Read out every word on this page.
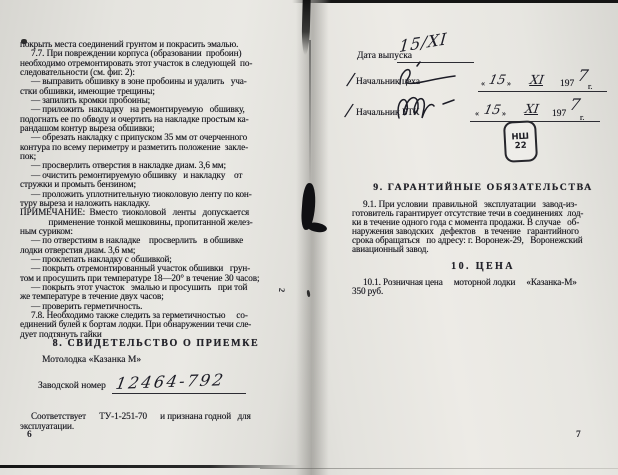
2
покрыть места соединений грунтом и покрасить эмалью.
7.7. При повреждении корпуса (образовании  пробоин)
необходимо отремонтировать этот участок в следующей  по-
следовательности (см. фиг. 2):
— выправить обшивку в зоне пробоины и удалить   уча-
стки обшивки, имеющие трещины;
— запилить кромки пробоины;
— приложить  накладку   на ремонтируемую   обшивку,
подогнать ее по обводу и очертить на накладке простым ка-
рандашом контур выреза обшивки;
— обрезать накладку с припуском 35 мм от очерченного
контура по всему периметру и разметить положение  закле-
пок;
— просверлить отверстия в накладке диам. 3,6 мм;
— очистить ремонтируемую обшивку   и накладку    от
стружки и промыть бензином;
— проложить уплотнительную тиоколовую ленту по кон-
туру выреза и наложить накладку.
ПРИМЕЧАНИЕ:  Вместо  тиоколовой   ленты   допускается
применение тонкой мешковины, пропитанной желез-
ным суриком:
— по отверстиям в накладке    просверлить   в обшивке
лодки отверстия диам. 3,6 мм;
— проклепать накладку с обшивкой;
— покрыть отремонтированный участок обшивки   грун-
том и просушить при температуре 18—20° в течение 30 часов;
— покрыть этот участок   эмалью и просушить   при той
же температуре в течение двух часов;
— проверить герметичность.
7.8. Необходимо также следить за герметичностью     со-
единений булей к бортам лодки. При обнаружении течи сле-
дует подтянуть гайки
8. СВИДЕТЕЛЬСТВО О ПРИЕМКЕ
Мотолодка «Казанка М»
Заводской номер 12464-792
Соответствует      ТУ-1-251-70      и признана годной   для
эксплуатации.
6
Дата выпуска
15/XI
/ Начальник цеха	« 15 » XI 197 7
г.
/ Начальник БТК	« 15 » XI 197 7
г.
НШ
22
9. ГАРАНТИЙНЫЕ ОБЯЗАТЕЛЬСТВА
9.1. При условии  правильной   эксплуатации   завод-из-
готовитель гарантирует отсутствие течи в соединениях  лод-
ки в течение одного года с момента продажи. В случае   об-
наружения заводских   дефектов    в течение   гарантийного
срока обращаться   по адресу: г. Воронеж-29,   Воронежский
авиационный завод.
10. ЦЕНА
10.1. Розничная цена     моторной лодки     «Казанка-М»
350 руб.
7
